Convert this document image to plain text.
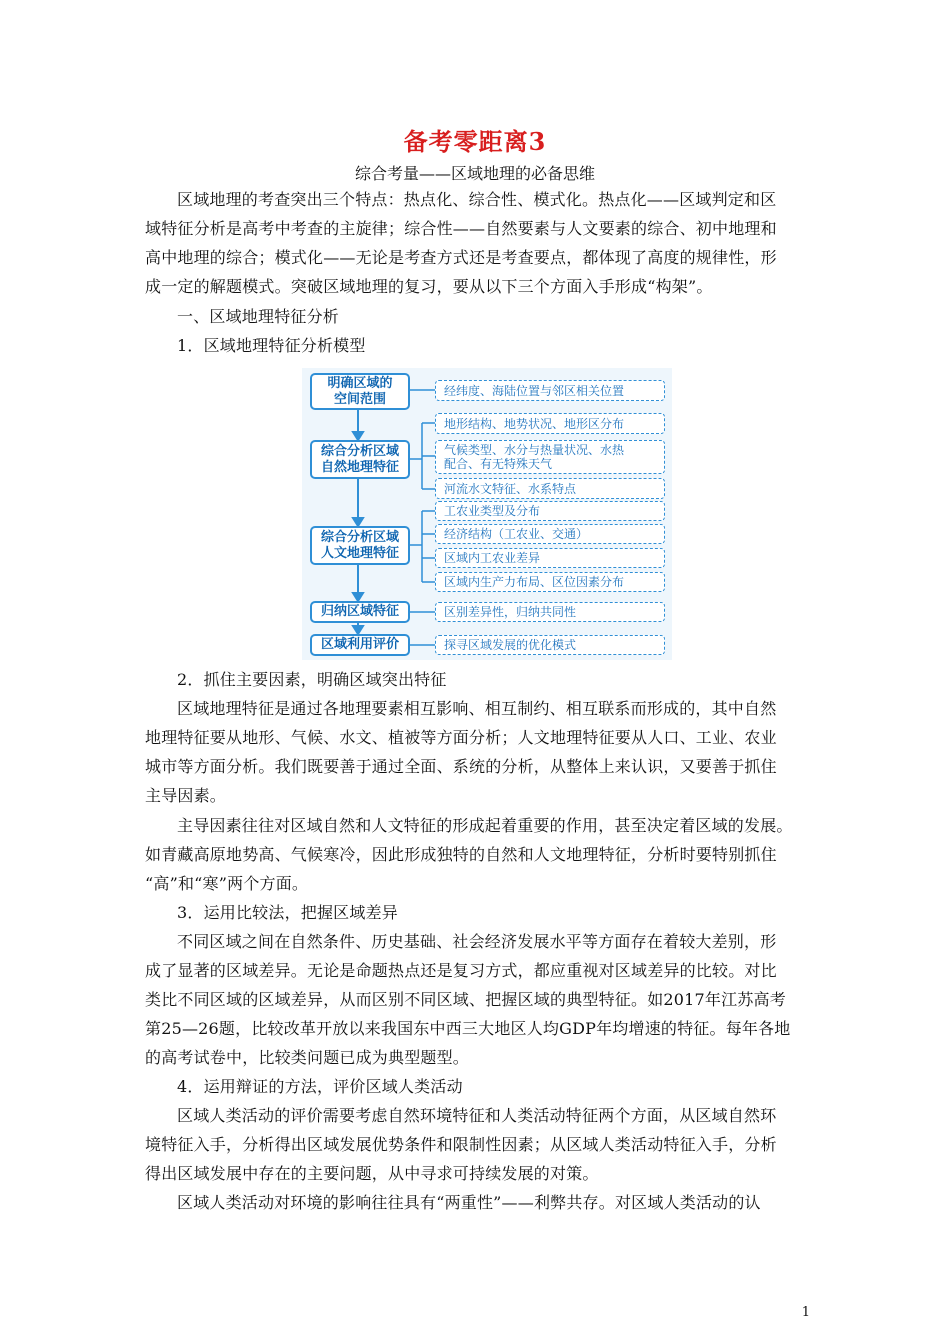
备考零距离3
综合考量——区域地理的必备思维
区域地理的考查突出三个特点：热点化、综合性、模式化。热点化——区域判定和区
域特征分析是高考中考查的主旋律；综合性——自然要素与人文要素的综合、初中地理和
高中地理的综合；模式化——无论是考查方式还是考查要点，都体现了高度的规律性，形
成一定的解题模式。突破区域地理的复习，要从以下三个方面入手形成“构架”。
一、区域地理特征分析
1．区域地理特征分析模型
明确区域的
空间范围
综合分析区域
自然地理特征
综合分析区域
人文地理特征
归纳区域特征
区域利用评价
经纬度、海陆位置与邻区相关位置
地形结构、地势状况、地形区分布
气候类型、水分与热量状况、水热
配合、有无特殊天气
河流水文特征、水系特点
工农业类型及分布
经济结构（工农业、交通）
区域内工农业差异
区域内生产力布局、区位因素分布
区别差异性，归纳共同性
探寻区域发展的优化模式
2．抓住主要因素，明确区域突出特征
区域地理特征是通过各地理要素相互影响、相互制约、相互联系而形成的，其中自然
地理特征要从地形、气候、水文、植被等方面分析；人文地理特征要从人口、工业、农业
城市等方面分析。我们既要善于通过全面、系统的分析，从整体上来认识，又要善于抓住
主导因素。
主导因素往往对区域自然和人文特征的形成起着重要的作用，甚至决定着区域的发展。
如青藏高原地势高、气候寒冷，因此形成独特的自然和人文地理特征，分析时要特别抓住
“高”和“寒”两个方面。
3．运用比较法，把握区域差异
不同区域之间在自然条件、历史基础、社会经济发展水平等方面存在着较大差别，形
成了显著的区域差异。无论是命题热点还是复习方式，都应重视对区域差异的比较。对比
类比不同区域的区域差异，从而区别不同区域、把握区域的典型特征。如2017年江苏高考
第25—26题，比较改革开放以来我国东中西三大地区人均GDP年均增速的特征。每年各地
的高考试卷中，比较类问题已成为典型题型。
4．运用辩证的方法，评价区域人类活动
区域人类活动的评价需要考虑自然环境特征和人类活动特征两个方面，从区域自然环
境特征入手，分析得出区域发展优势条件和限制性因素；从区域人类活动特征入手，分析
得出区域发展中存在的主要问题，从中寻求可持续发展的对策。
区域人类活动对环境的影响往往具有“两重性”——利弊共存。对区域人类活动的认
1
